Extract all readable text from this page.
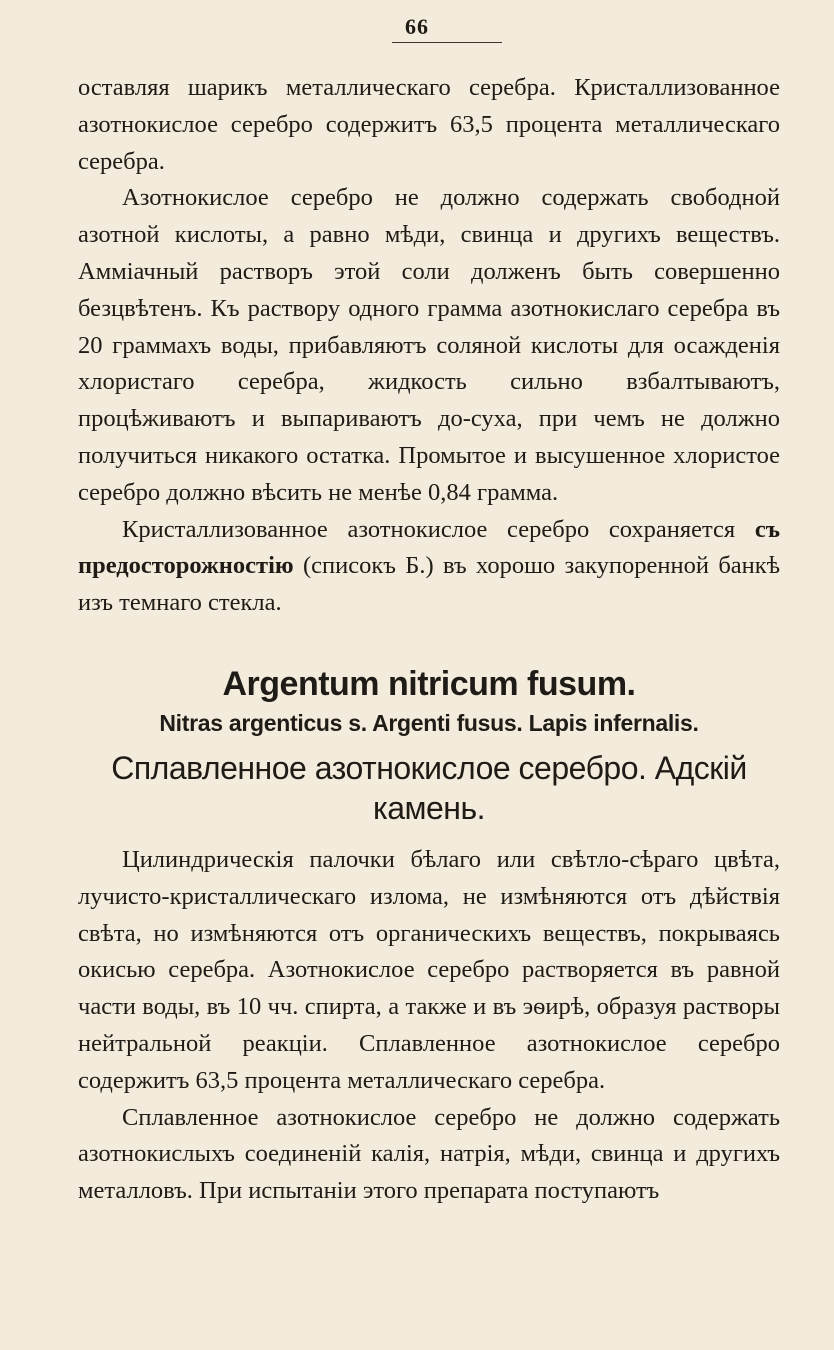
66

оставляя шарикъ металлическаго серебра. Кристаллизованное азотнокислое серебро содержитъ 63,5 процента металлическаго серебра.

Азотнокислое серебро не должно содержать свободной азотной кислоты, а равно мѣди, свинца и другихъ веществъ. Амміачный растворъ этой соли долженъ быть совершенно безцвѣтенъ. Къ раствору одного грамма азотнокислаго серебра въ 20 граммахъ воды, прибавляютъ соляной кислоты для осажденія хлористаго серебра, жидкость сильно взбалтываютъ, процѣживаютъ и выпариваютъ до-суха, при чемъ не должно получиться никакого остатка. Промытое и высушенное хлористое серебро должно вѣсить не менѣе 0,84 грамма.

Кристаллизованное азотнокислое серебро сохраняется съ предосторожностію (списокъ Б.) въ хорошо закупоренной банкѣ изъ темнаго стекла.

Argentum nitricum fusum.
Nitras argenticus s. Argenti fusus. Lapis infernalis.
Сплавленное азотнокислое серебро. Адскій камень.

Цилиндрическія палочки бѣлаго или свѣтло-сѣраго цвѣта, лучисто-кристаллическаго излома, не измѣняются отъ дѣйствія свѣта, но измѣняются отъ органическихъ веществъ, покрываясь окисью серебра. Азотнокислое серебро растворяется въ равной части воды, въ 10 чч. спирта, а также и въ эѳирѣ, образуя растворы нейтральной реакціи. Сплавленное азотнокислое серебро содержитъ 63,5 процента металлическаго серебра.

Сплавленное азотнокислое серебро не должно содержать азотнокислыхъ соединеній калія, натрія, мѣди, свинца и другихъ металловъ. При испытаніи этого препарата поступаютъ
